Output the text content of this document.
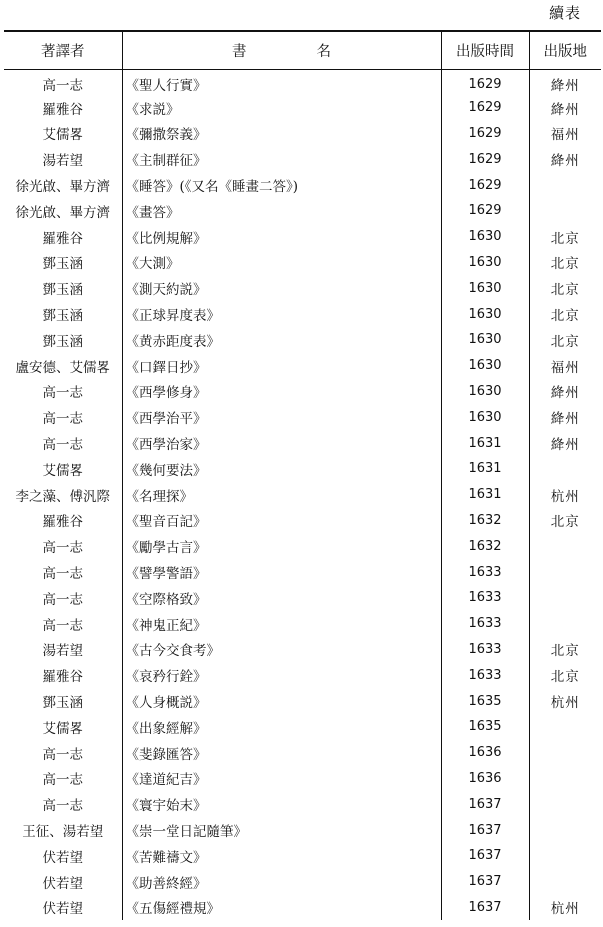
續表
著譯者	書 名	出版時間	出版地
高一志	《聖人行實》	1629	絳州
羅雅谷	《求説》	1629	絳州
艾儒畧	《彌撒祭義》	1629	福州
湯若望	《主制群征》	1629	絳州
徐光啟、畢方濟	《睡答》(《又名《睡畫二答》)	1629	
徐光啟、畢方濟	《畫答》	1629	
羅雅谷	《比例規解》	1630	北京
鄧玉涵	《大測》	1630	北京
鄧玉涵	《測天約説》	1630	北京
鄧玉涵	《正球昇度表》	1630	北京
鄧玉涵	《黄赤距度表》	1630	北京
盧安德、艾儒畧	《口鐸日抄》	1630	福州
高一志	《西學修身》	1630	絳州
高一志	《西學治平》	1630	絳州
高一志	《西學治家》	1631	絳州
艾儒畧	《幾何要法》	1631	
李之藻、傅汎際	《名理探》	1631	杭州
羅雅谷	《聖音百記》	1632	北京
高一志	《勵學古言》	1632	
高一志	《譬學警語》	1633	
高一志	《空際格致》	1633	
高一志	《神鬼正紀》	1633	
湯若望	《古今交食考》	1633	北京
羅雅谷	《哀矜行銓》	1633	北京
鄧玉涵	《人身概説》	1635	杭州
艾儒畧	《出象經解》	1635	
高一志	《斐錄匯答》	1636	
高一志	《達道紀吉》	1636	
高一志	《寰宇始末》	1637	
王征、湯若望	《崇一堂日記隨筆》	1637	
伏若望	《苦難禱文》	1637	
伏若望	《助善終經》	1637	
伏若望	《五傷經禮規》	1637	杭州
